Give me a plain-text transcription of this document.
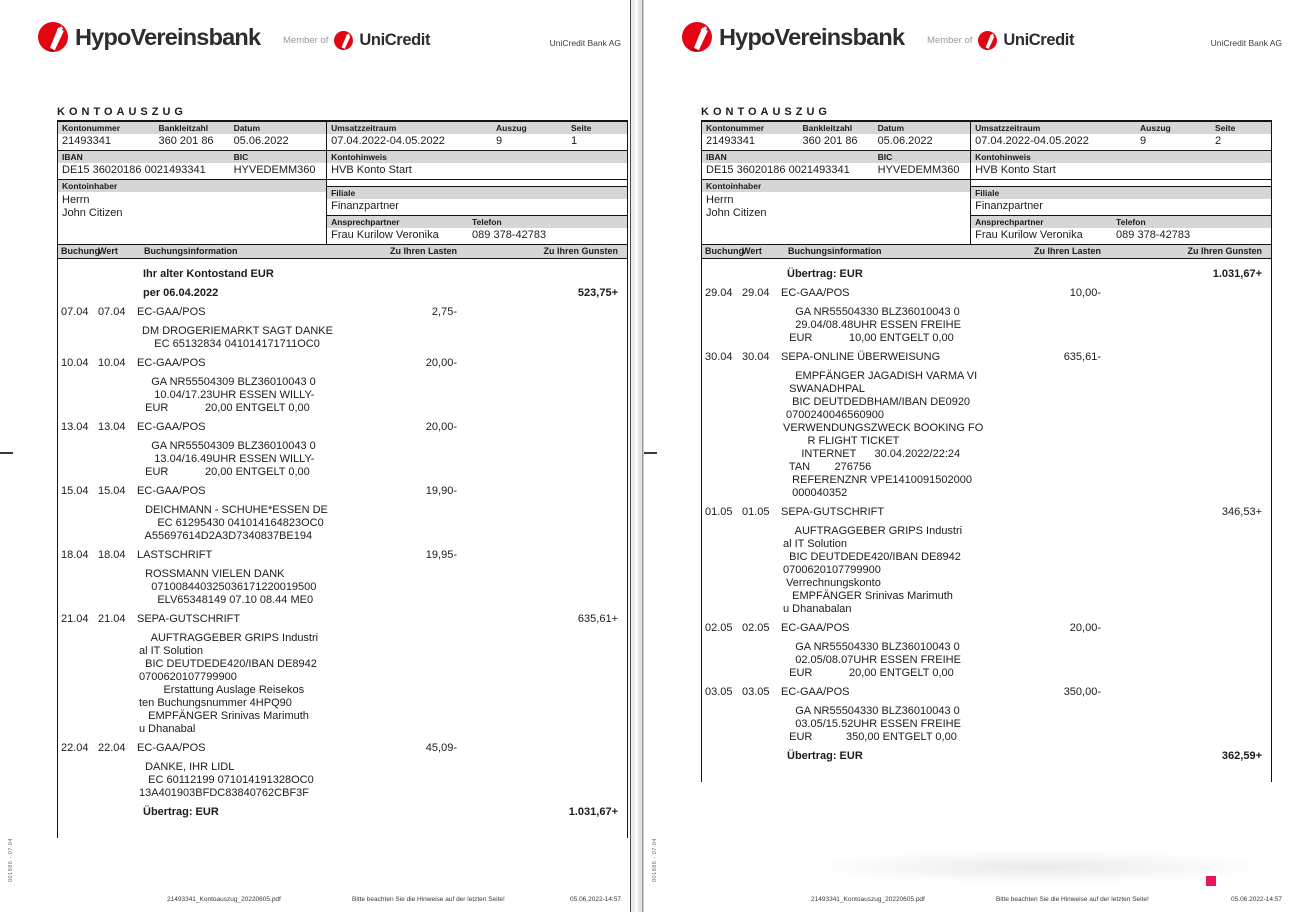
HypoVereinsbank Member of UniCredit	UniCredit Bank AG
KONTOAUSZUG
Kontonummer	Bankleitzahl	Datum
21493341	360 201 86	05.06.2022
IBAN	BIC
DE15 36020186 0021493341	HYVEDEMM360
Kontoinhaber
Herrn
John Citizen
Umsatzzeitraum	Auszug	Seite
07.04.2022-04.05.2022	9	1
Kontohinweis
HVB Konto Start
Filiale
Finanzpartner
Ansprechpartner	Telefon
Frau Kurilow Veronika	089 378-42783
Buchung
Wert	Buchungsinformation	Zu Ihren Lasten	Zu Ihren Gunsten
Ihr alter Kontostand EUR
per 06.04.2022	523,75+
07.04 07.04	EC-GAA/POS	2,75-
DM DROGERIEMARKT SAGT DANKE
EC 65132834 041014171711OC0
10.04 10.04	EC-GAA/POS	20,00-
GA NR55504309 BLZ36010043 0
10.04/17.23UHR ESSEN WILLY-
EUR            20,00 ENTGELT 0,00
13.04 13.04	EC-GAA/POS	20,00-
GA NR55504309 BLZ36010043 0
13.04/16.49UHR ESSEN WILLY-
EUR            20,00 ENTGELT 0,00
15.04 15.04	EC-GAA/POS	19,90-
DEICHMANN - SCHUHE*ESSEN DE
EC 61295430 041014164823OC0
A55697614D2A3D7340837BE194
18.04 18.04	LASTSCHRIFT	19,95-
ROSSMANN VIELEN DANK
071008440325036171220019500
ELV65348149 07.10 08.44 ME0
21.04 21.04	SEPA-GUTSCHRIFT	635,61+
AUFTRAGGEBER GRIPS Industri
al IT Solution
BIC DEUTDEDE420/IBAN DE8942
0700620107799900
Erstattung Auslage Reisekos
ten Buchungsnummer 4HPQ90
EMPFÄNGER Srinivas Marimuth
u Dhanabal
22.04 22.04	EC-GAA/POS	45,09-
DANKE, IHR LIDL
EC 60112199 071014191328OC0
13A401903BFDC83840762CBF3F
Übertrag: EUR	1.031,67+
21493341_Kontoauszug_20220605.pdf	Bitte beachten Sie die Hinweise auf der letzten Seite!	05.06.2022-14:57
001886 - 07.04
HypoVereinsbank Member of UniCredit	UniCredit Bank AG
KONTOAUSZUG
Kontonummer	Bankleitzahl	Datum
21493341	360 201 86	05.06.2022
IBAN	BIC
DE15 36020186 0021493341	HYVEDEMM360
Kontoinhaber
Herrn
John Citizen
Umsatzzeitraum	Auszug	Seite
07.04.2022-04.05.2022	9	2
Kontohinweis
HVB Konto Start
Filiale
Finanzpartner
Ansprechpartner	Telefon
Frau Kurilow Veronika	089 378-42783
Buchung
Wert	Buchungsinformation	Zu Ihren Lasten	Zu Ihren Gunsten
Übertrag: EUR	1.031,67+
29.04 29.04	EC-GAA/POS	10,00-
GA NR55504330 BLZ36010043 0
29.04/08.48UHR ESSEN FREIHE
EUR            10,00 ENTGELT 0,00
30.04 30.04	SEPA-ONLINE ÜBERWEISUNG	635,61-
EMPFÄNGER JAGADISH VARMA VI
SWANADHPAL
BIC DEUTDEDBHAM/IBAN DE0920
0700240046560900
VERWENDUNGSZWECK BOOKING FO
R FLIGHT TICKET
INTERNET      30.04.2022/22:24
TAN        276756
REFERENZNR VPE1410091502000
000040352
01.05 01.05	SEPA-GUTSCHRIFT	346,53+
AUFTRAGGEBER GRIPS Industri
al IT Solution
BIC DEUTDEDE420/IBAN DE8942
0700620107799900
Verrechnungskonto
EMPFÄNGER Srinivas Marimuth
u Dhanabalan
02.05 02.05	EC-GAA/POS	20,00-
GA NR55504330 BLZ36010043 0
02.05/08.07UHR ESSEN FREIHE
EUR            20,00 ENTGELT 0,00
03.05 03.05	EC-GAA/POS	350,00-
GA NR55504330 BLZ36010043 0
03.05/15.52UHR ESSEN FREIHE
EUR           350,00 ENTGELT 0,00
Übertrag: EUR	362,59+
21493341_Kontoauszug_20220605.pdf	Bitte beachten Sie die Hinweise auf der letzten Seite!	05.06.2022-14:57
001886 - 07.04
